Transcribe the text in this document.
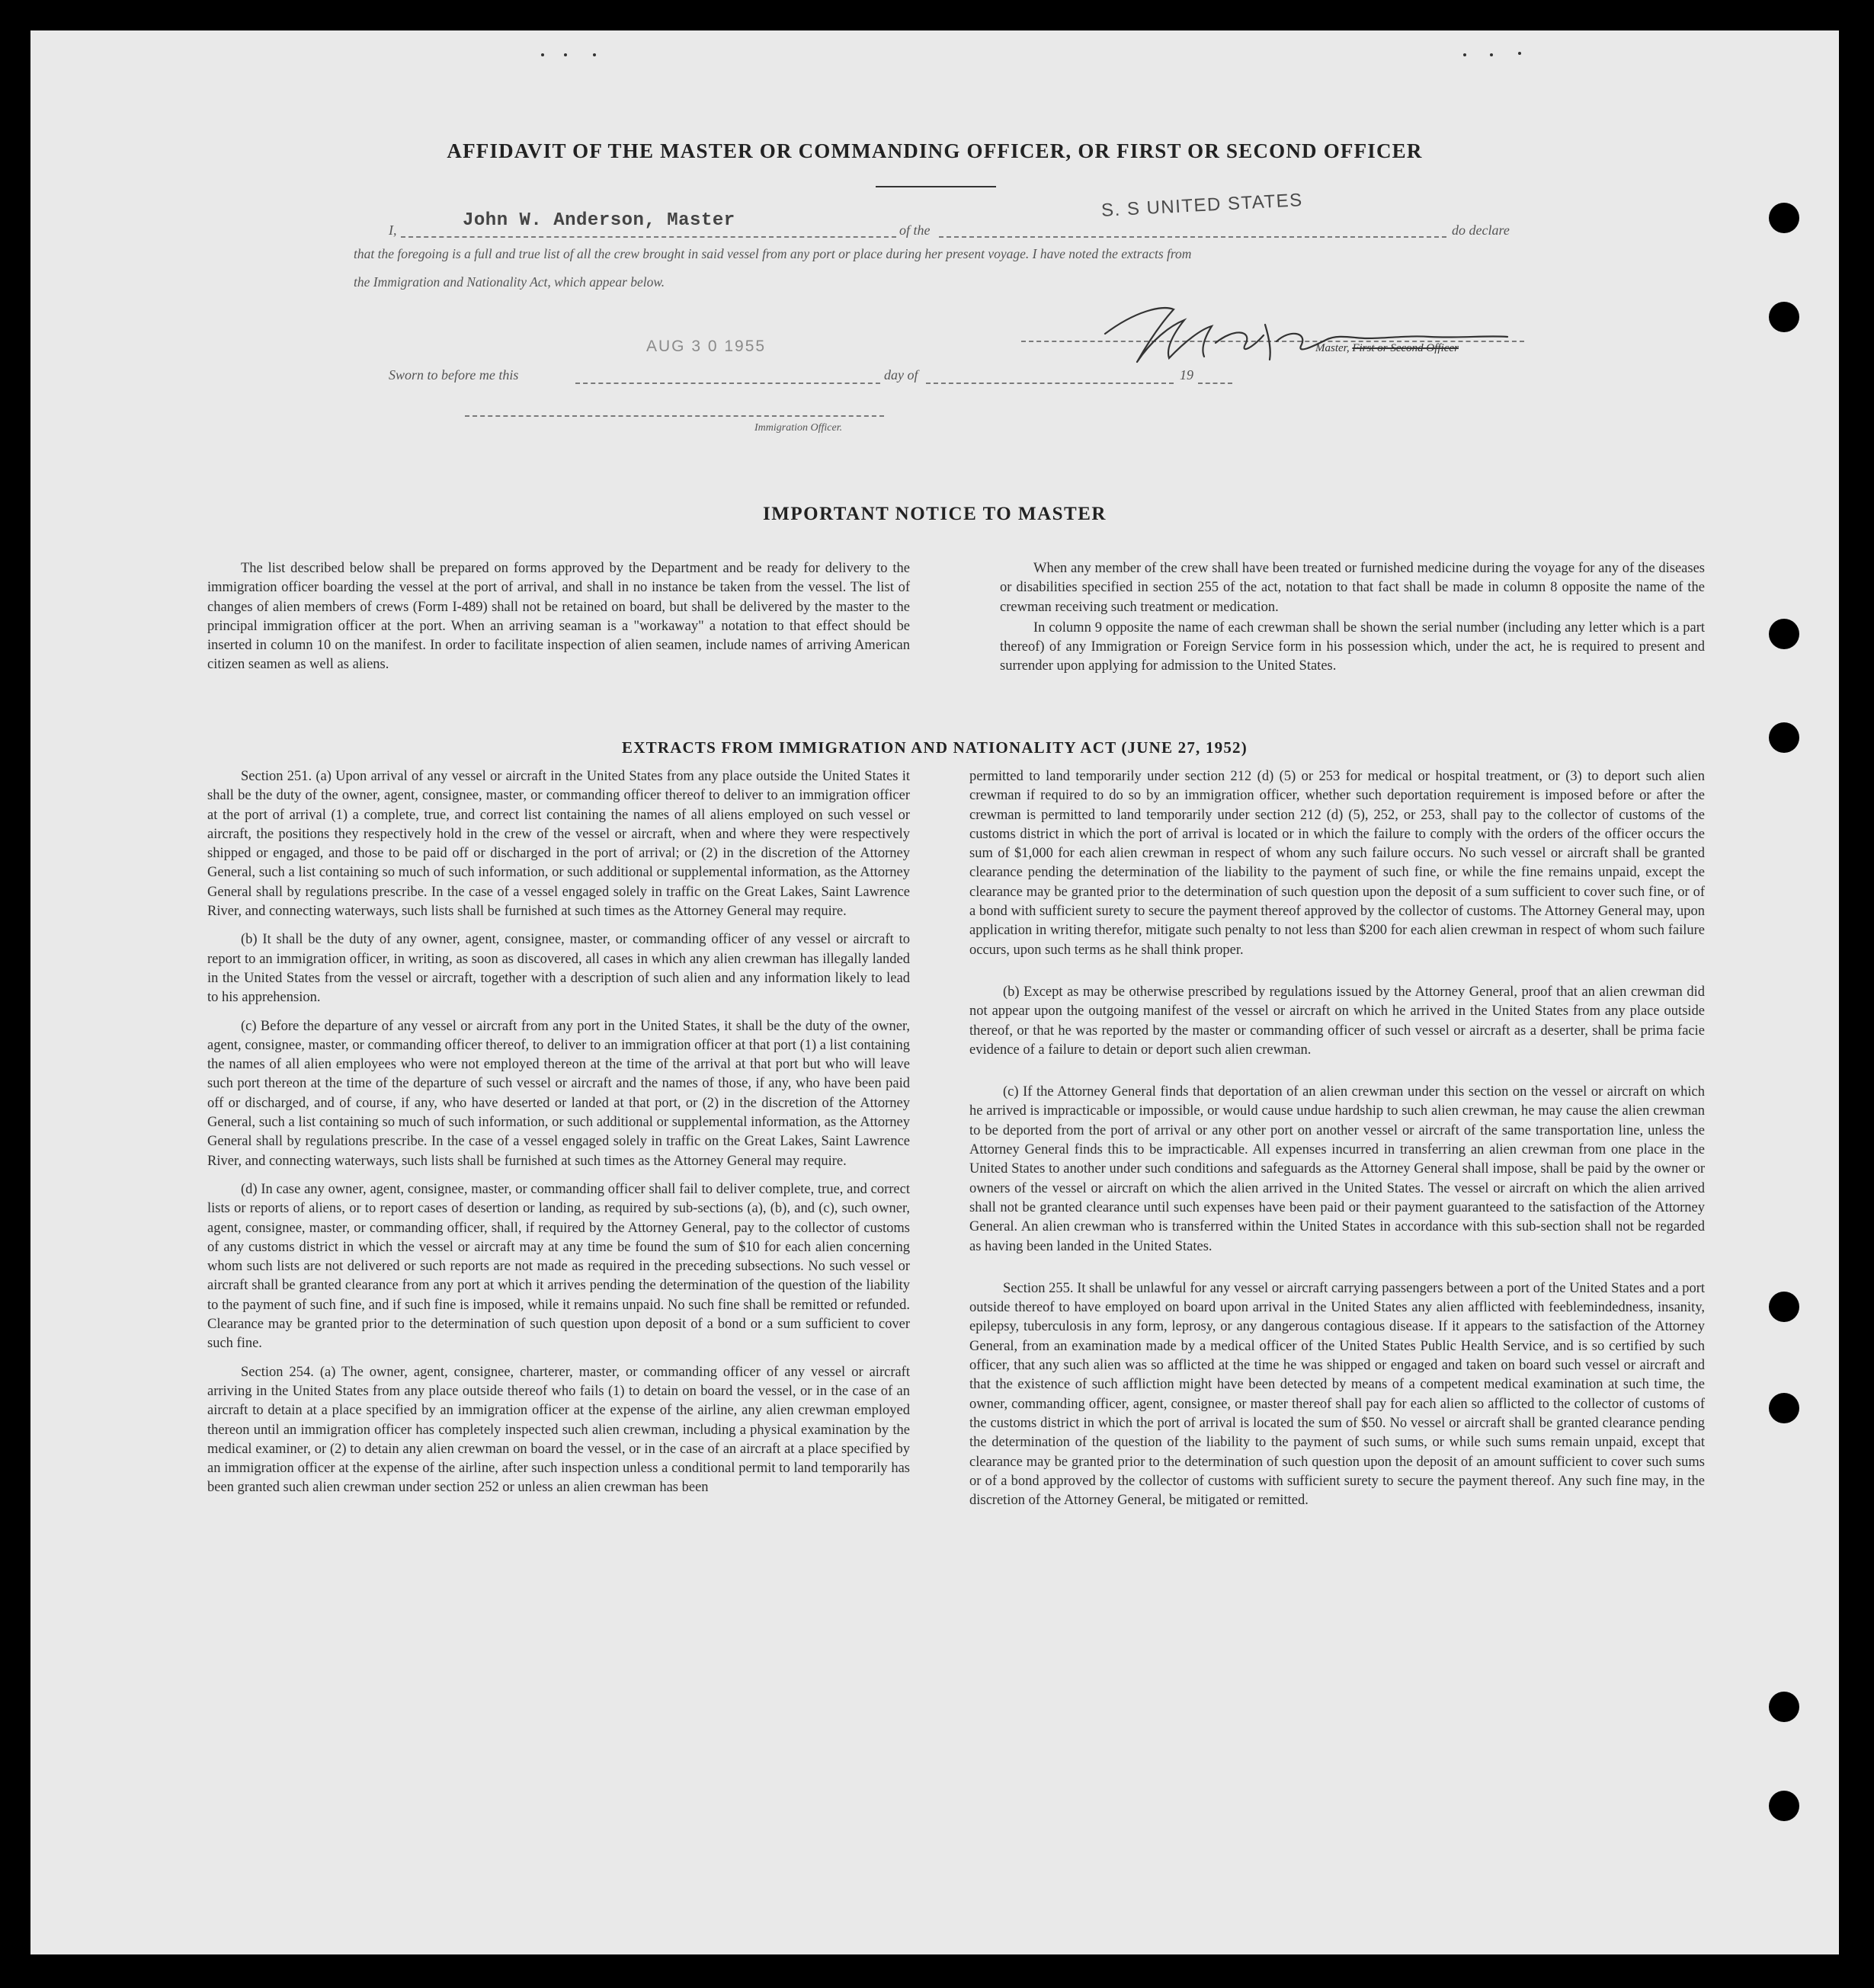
AFFIDAVIT OF THE MASTER OR COMMANDING OFFICER, OR FIRST OR SECOND OFFICER
I,	John W. Anderson, Master	of the
S. S UNITED STATES
do declare
that the foregoing is a full and true list of all the crew brought in said vessel from any port or place during her present voyage. I have noted the extracts from
the Immigration and Nationality Act, which appear below.
Master, First or Second Officer
AUG 3 0 1955
Sworn to before me this	day of	19
Immigration Officer.
IMPORTANT NOTICE TO MASTER

The list described below shall be prepared on forms approved by the Department and be ready for delivery to the immigration officer boarding the vessel at the port of arrival, and shall in no instance be taken from the vessel. The list of changes of alien members of crews (Form I-489) shall not be retained on board, but shall be delivered by the master to the principal immigration officer at the port. When an arriving seaman is a "workaway" a notation to that effect should be inserted in column 10 on the manifest. In order to facilitate inspection of alien seamen, include names of arriving American citizen seamen as well as aliens.

When any member of the crew shall have been treated or furnished medicine during the voyage for any of the diseases or disabilities specified in section 255 of the act, notation to that fact shall be made in column 8 opposite the name of the crewman receiving such treatment or medication.

In column 9 opposite the name of each crewman shall be shown the serial number (including any letter which is a part thereof) of any Immigration or Foreign Service form in his possession which, under the act, he is required to present and surrender upon applying for admission to the United States.

EXTRACTS FROM IMMIGRATION AND NATIONALITY ACT (JUNE 27, 1952)

Section 251. (a) Upon arrival of any vessel or aircraft in the United States from any place outside the United States it shall be the duty of the owner, agent, consignee, master, or commanding officer thereof to deliver to an immigration officer at the port of arrival (1) a complete, true, and correct list containing the names of all aliens employed on such vessel or aircraft, the positions they respectively hold in the crew of the vessel or aircraft, when and where they were respectively shipped or engaged, and those to be paid off or discharged in the port of arrival; or (2) in the discretion of the Attorney General, such a list containing so much of such information, or such additional or supplemental information, as the Attorney General shall by regulations prescribe. In the case of a vessel engaged solely in traffic on the Great Lakes, Saint Lawrence River, and connecting waterways, such lists shall be furnished at such times as the Attorney General may require.

(b) It shall be the duty of any owner, agent, consignee, master, or commanding officer of any vessel or aircraft to report to an immigration officer, in writing, as soon as discovered, all cases in which any alien crewman has illegally landed in the United States from the vessel or aircraft, together with a description of such alien and any information likely to lead to his apprehension.

(c) Before the departure of any vessel or aircraft from any port in the United States, it shall be the duty of the owner, agent, consignee, master, or commanding officer thereof, to deliver to an immigration officer at that port (1) a list containing the names of all alien employees who were not employed thereon at the time of the arrival at that port but who will leave such port thereon at the time of the departure of such vessel or aircraft and the names of those, if any, who have been paid off or discharged, and of course, if any, who have deserted or landed at that port, or (2) in the discretion of the Attorney General, such a list containing so much of such information, or such additional or supplemental information, as the Attorney General shall by regulations prescribe. In the case of a vessel engaged solely in traffic on the Great Lakes, Saint Lawrence River, and connecting waterways, such lists shall be furnished at such times as the Attorney General may require.

(d) In case any owner, agent, consignee, master, or commanding officer shall fail to deliver complete, true, and correct lists or reports of aliens, or to report cases of desertion or landing, as required by sub-sections (a), (b), and (c), such owner, agent, consignee, master, or commanding officer, shall, if required by the Attorney General, pay to the collector of customs of any customs district in which the vessel or aircraft may at any time be found the sum of $10 for each alien concerning whom such lists are not delivered or such reports are not made as required in the preceding subsections. No such vessel or aircraft shall be granted clearance from any port at which it arrives pending the determination of the question of the liability to the payment of such fine, and if such fine is imposed, while it remains unpaid. No such fine shall be remitted or refunded. Clearance may be granted prior to the determination of such question upon deposit of a bond or a sum sufficient to cover such fine.

Section 254. (a) The owner, agent, consignee, charterer, master, or commanding officer of any vessel or aircraft arriving in the United States from any place outside thereof who fails (1) to detain on board the vessel, or in the case of an aircraft to detain at a place specified by an immigration officer at the expense of the airline, any alien crewman employed thereon until an immigration officer has completely inspected such alien crewman, including a physical examination by the medical examiner, or (2) to detain any alien crewman on board the vessel, or in the case of an aircraft at a place specified by an immigration officer at the expense of the airline, after such inspection unless a conditional permit to land temporarily has been granted such alien crewman under section 252 or unless an alien crewman has been

permitted to land temporarily under section 212 (d) (5) or 253 for medical or hospital treatment, or (3) to deport such alien crewman if required to do so by an immigration officer, whether such deportation requirement is imposed before or after the crewman is permitted to land temporarily under section 212 (d) (5), 252, or 253, shall pay to the collector of customs of the customs district in which the port of arrival is located or in which the failure to comply with the orders of the officer occurs the sum of $1,000 for each alien crewman in respect of whom any such failure occurs. No such vessel or aircraft shall be granted clearance pending the determination of the liability to the payment of such fine, or while the fine remains unpaid, except the clearance may be granted prior to the determination of such question upon the deposit of a sum sufficient to cover such fine, or of a bond with sufficient surety to secure the payment thereof approved by the collector of customs. The Attorney General may, upon application in writing therefor, mitigate such penalty to not less than $200 for each alien crewman in respect of whom such failure occurs, upon such terms as he shall think proper.

(b) Except as may be otherwise prescribed by regulations issued by the Attorney General, proof that an alien crewman did not appear upon the outgoing manifest of the vessel or aircraft on which he arrived in the United States from any place outside thereof, or that he was reported by the master or commanding officer of such vessel or aircraft as a deserter, shall be prima facie evidence of a failure to detain or deport such alien crewman.

(c) If the Attorney General finds that deportation of an alien crewman under this section on the vessel or aircraft on which he arrived is impracticable or impossible, or would cause undue hardship to such alien crewman, he may cause the alien crewman to be deported from the port of arrival or any other port on another vessel or aircraft of the same transportation line, unless the Attorney General finds this to be impracticable. All expenses incurred in transferring an alien crewman from one place in the United States to another under such conditions and safeguards as the Attorney General shall impose, shall be paid by the owner or owners of the vessel or aircraft on which the alien arrived in the United States. The vessel or aircraft on which the alien arrived shall not be granted clearance until such expenses have been paid or their payment guaranteed to the satisfaction of the Attorney General. An alien crewman who is transferred within the United States in accordance with this sub-section shall not be regarded as having been landed in the United States.

Section 255. It shall be unlawful for any vessel or aircraft carrying passengers between a port of the United States and a port outside thereof to have employed on board upon arrival in the United States any alien afflicted with feeblemindedness, insanity, epilepsy, tuberculosis in any form, leprosy, or any dangerous contagious disease. If it appears to the satisfaction of the Attorney General, from an examination made by a medical officer of the United States Public Health Service, and is so certified by such officer, that any such alien was so afflicted at the time he was shipped or engaged and taken on board such vessel or aircraft and that the existence of such affliction might have been detected by means of a competent medical examination at such time, the owner, commanding officer, agent, consignee, or master thereof shall pay for each alien so afflicted to the collector of customs of the customs district in which the port of arrival is located the sum of $50. No vessel or aircraft shall be granted clearance pending the determination of the question of the liability to the payment of such sums, or while such sums remain unpaid, except that clearance may be granted prior to the determination of such question upon the deposit of an amount sufficient to cover such sums or of a bond approved by the collector of customs with sufficient surety to secure the payment thereof. Any such fine may, in the discretion of the Attorney General, be mitigated or remitted.
